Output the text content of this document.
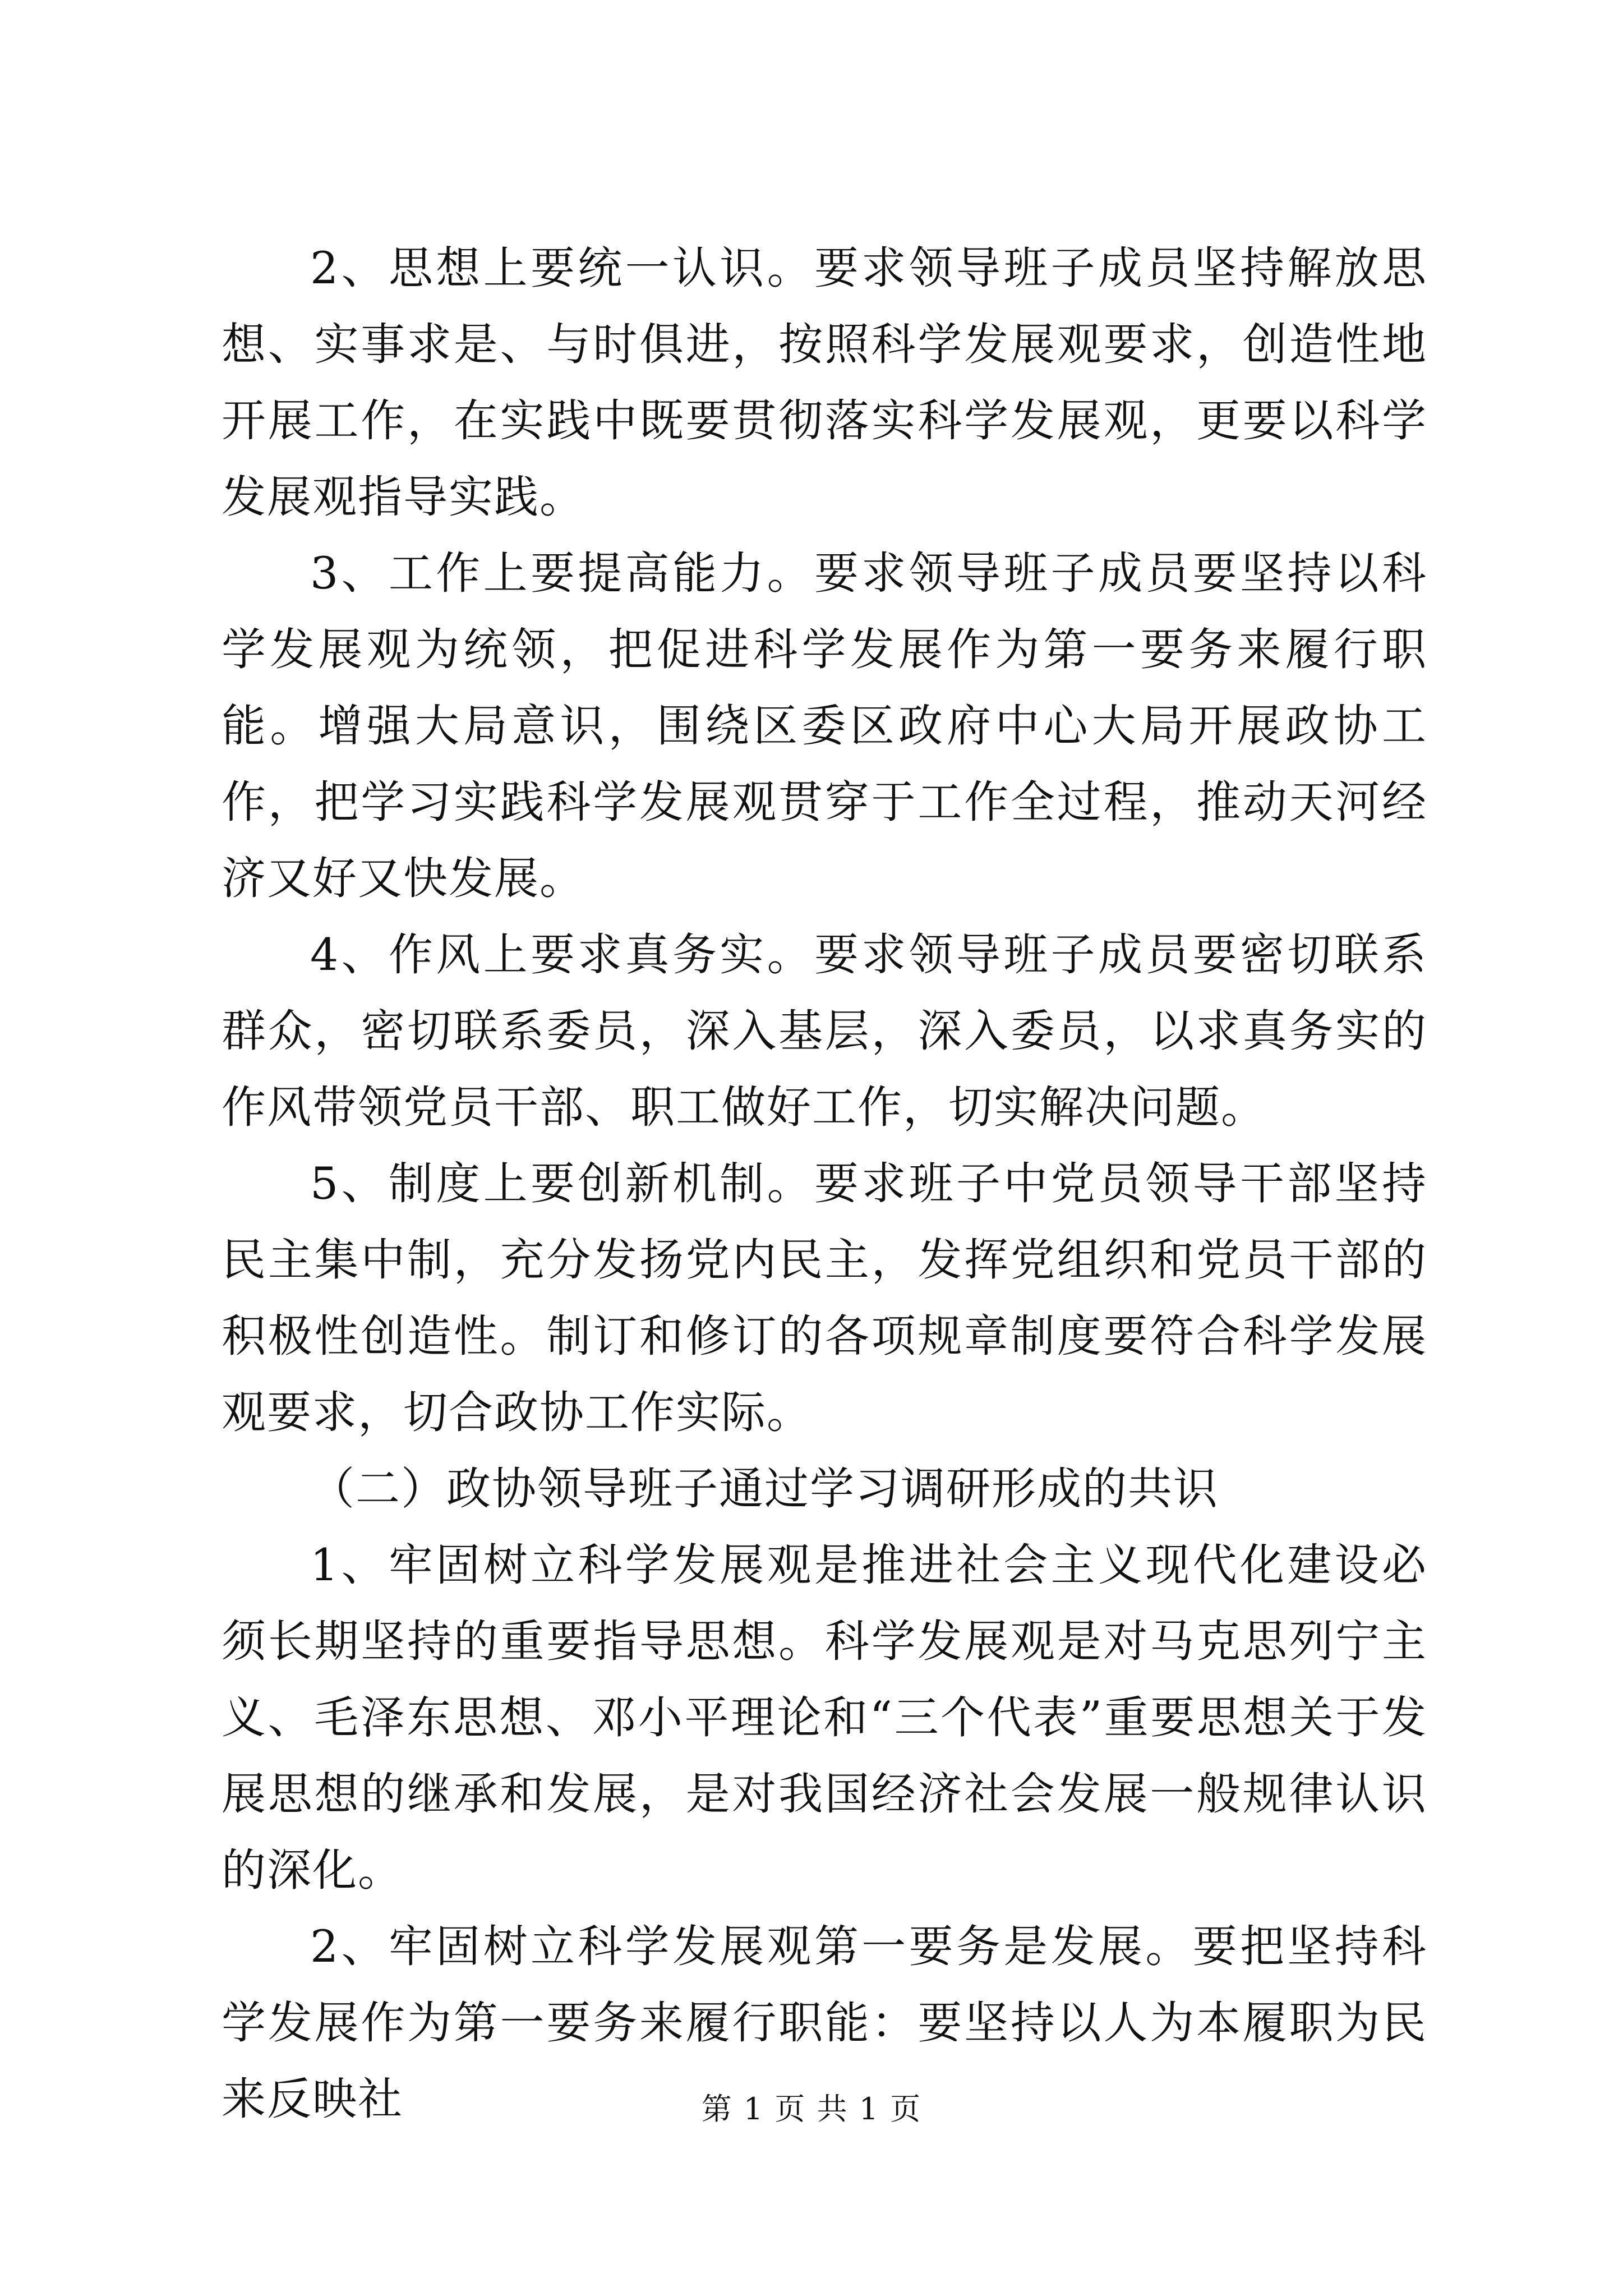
2、思想上要统一认识。要求领导班子成员坚持解放思想、实事求是、与时俱进，按照科学发展观要求，创造性地开展工作，在实践中既要贯彻落实科学发展观，更要以科学发展观指导实践。

3、工作上要提高能力。要求领导班子成员要坚持以科学发展观为统领，把促进科学发展作为第一要务来履行职能。增强大局意识，围绕区委区政府中心大局开展政协工作，把学习实践科学发展观贯穿于工作全过程，推动天河经济又好又快发展。

4、作风上要求真务实。要求领导班子成员要密切联系群众，密切联系委员，深入基层，深入委员，以求真务实的作风带领党员干部、职工做好工作，切实解决问题。

5、制度上要创新机制。要求班子中党员领导干部坚持民主集中制，充分发扬党内民主，发挥党组织和党员干部的积极性创造性。制订和修订的各项规章制度要符合科学发展观要求，切合政协工作实际。

（二）政协领导班子通过学习调研形成的共识

1、牢固树立科学发展观是推进社会主义现代化建设必须长期坚持的重要指导思想。科学发展观是对马克思列宁主义、毛泽东思想、邓小平理论和“三个代表”重要思想关于发展思想的继承和发展，是对我国经济社会发展一般规律认识的深化。

2、牢固树立科学发展观第一要务是发展。要把坚持科学发展作为第一要务来履行职能：要坚持以人为本履职为民来反映社	第 1 页 共 1 页
